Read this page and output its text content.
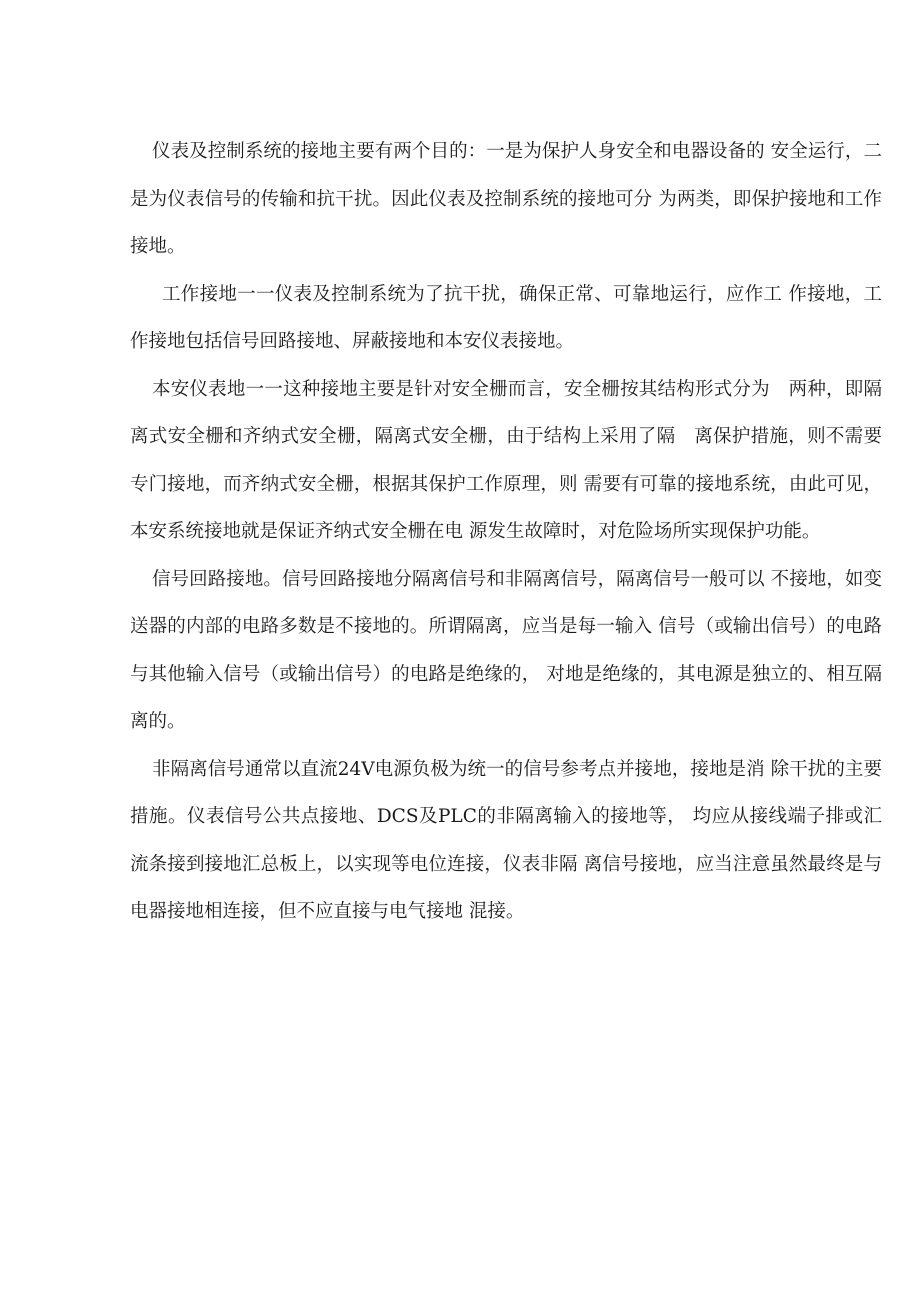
仪表及控制系统的接地主要有两个目的：一是为保护人身安全和电器设备的 安全运行，二是为仪表信号的传输和抗干扰。因此仪表及控制系统的接地可分 为两类，即保护接地和工作接地。

工作接地一一仪表及控制系统为了抗干扰，确保正常、可靠地运行，应作工 作接地，工作接地包括信号回路接地、屏蔽接地和本安仪表接地。

本安仪表地一一这种接地主要是针对安全栅而言，安全栅按其结构形式分为　两种，即隔离式安全栅和齐纳式安全栅，隔离式安全栅，由于结构上采用了隔　离保护措施，则不需要专门接地，而齐纳式安全栅，根据其保护工作原理，则 需要有可靠的接地系统，由此可见，本安系统接地就是保证齐纳式安全栅在电 源发生故障时，对危险场所实现保护功能。

信号回路接地。信号回路接地分隔离信号和非隔离信号，隔离信号一般可以 不接地，如变送器的内部的电路多数是不接地的。所谓隔离，应当是每一输入 信号（或输出信号）的电路与其他输入信号（或输出信号）的电路是绝缘的， 对地是绝缘的，其电源是独立的、相互隔离的。

非隔离信号通常以直流24V电源负极为统一的信号参考点并接地，接地是消 除干扰的主要措施。仪表信号公共点接地、DCS及PLC的非隔离输入的接地等， 均应从接线端子排或汇流条接到接地汇总板上，以实现等电位连接，仪表非隔 离信号接地，应当注意虽然最终是与电器接地相连接，但不应直接与电气接地 混接。
